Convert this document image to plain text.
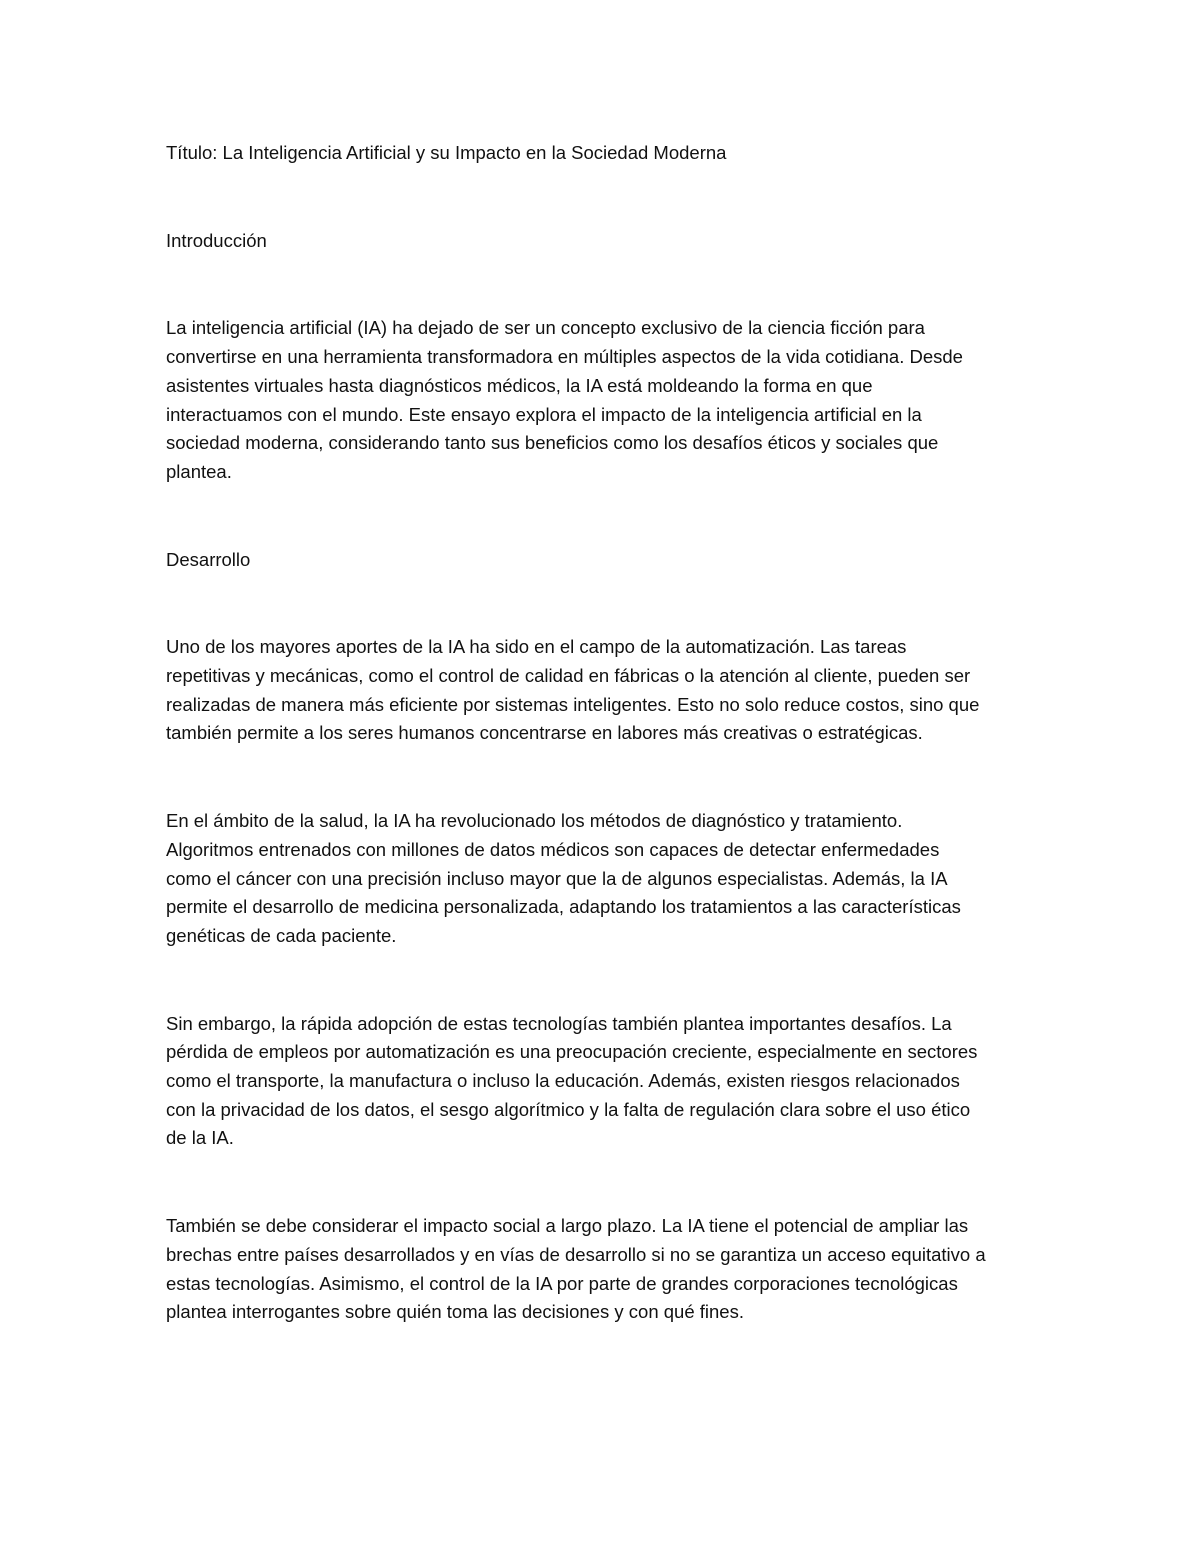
Título: La Inteligencia Artificial y su Impacto en la Sociedad Moderna
Introducción

La inteligencia artificial (IA) ha dejado de ser un concepto exclusivo de la ciencia ficción para

convertirse en una herramienta transformadora en múltiples aspectos de la vida cotidiana. Desde

asistentes virtuales hasta diagnósticos médicos, la IA está moldeando la forma en que

interactuamos con el mundo. Este ensayo explora el impacto de la inteligencia artificial en la

sociedad moderna, considerando tanto sus beneficios como los desafíos éticos y sociales que

plantea.

Desarrollo

Uno de los mayores aportes de la IA ha sido en el campo de la automatización. Las tareas

repetitivas y mecánicas, como el control de calidad en fábricas o la atención al cliente, pueden ser

realizadas de manera más eficiente por sistemas inteligentes. Esto no solo reduce costos, sino que

también permite a los seres humanos concentrarse en labores más creativas o estratégicas.

En el ámbito de la salud, la IA ha revolucionado los métodos de diagnóstico y tratamiento.

Algoritmos entrenados con millones de datos médicos son capaces de detectar enfermedades

como el cáncer con una precisión incluso mayor que la de algunos especialistas. Además, la IA

permite el desarrollo de medicina personalizada, adaptando los tratamientos a las características

genéticas de cada paciente.

Sin embargo, la rápida adopción de estas tecnologías también plantea importantes desafíos. La

pérdida de empleos por automatización es una preocupación creciente, especialmente en sectores

como el transporte, la manufactura o incluso la educación. Además, existen riesgos relacionados

con la privacidad de los datos, el sesgo algorítmico y la falta de regulación clara sobre el uso ético

de la IA.

También se debe considerar el impacto social a largo plazo. La IA tiene el potencial de ampliar las

brechas entre países desarrollados y en vías de desarrollo si no se garantiza un acceso equitativo a

estas tecnologías. Asimismo, el control de la IA por parte de grandes corporaciones tecnológicas

plantea interrogantes sobre quién toma las decisiones y con qué fines.
